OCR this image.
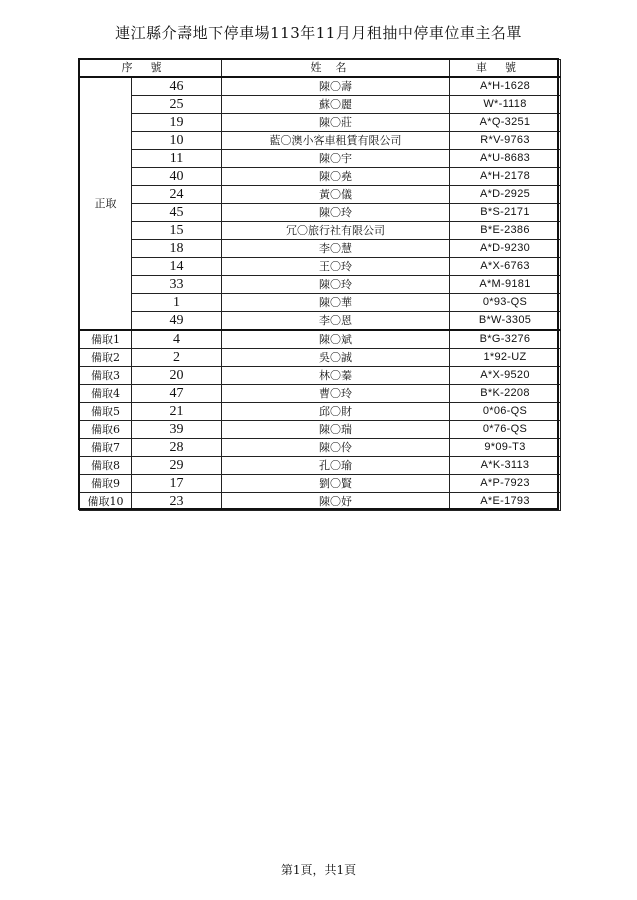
連江縣介壽地下停車場113年11月月租抽中停車位車主名單
序號		姓名	車號
正取	46	陳〇壽	A*H-1628
	25	蘇〇麗	W*-1118
	19	陳〇莊	A*Q-3251
	10	藍〇澳小客車租賃有限公司	R*V-9763
	11	陳〇宇	A*U-8683
	40	陳〇堯	A*H-2178
	24	黃〇儀	A*D-2925
	45	陳〇玲	B*S-2171
	15	冗〇旅行社有限公司	B*E-2386
	18	李〇慧	A*D-9230
	14	王〇玲	A*X-6763
	33	陳〇玲	A*M-9181
	1	陳〇華	0*93-QS
	49	李〇恩	B*W-3305
備取1	4	陳〇斌	B*G-3276
備取2	2	吳〇誠	1*92-UZ
備取3	20	林〇蓁	A*X-9520
備取4	47	曹〇玲	B*K-2208
備取5	21	邱〇財	0*06-QS
備取6	39	陳〇瑞	0*76-QS
備取7	28	陳〇伶	9*09-T3
備取8	29	孔〇瑜	A*K-3113
備取9	17	劉〇賢	A*P-7923
備取10	23	陳〇妤	A*E-1793
第1頁，共1頁
